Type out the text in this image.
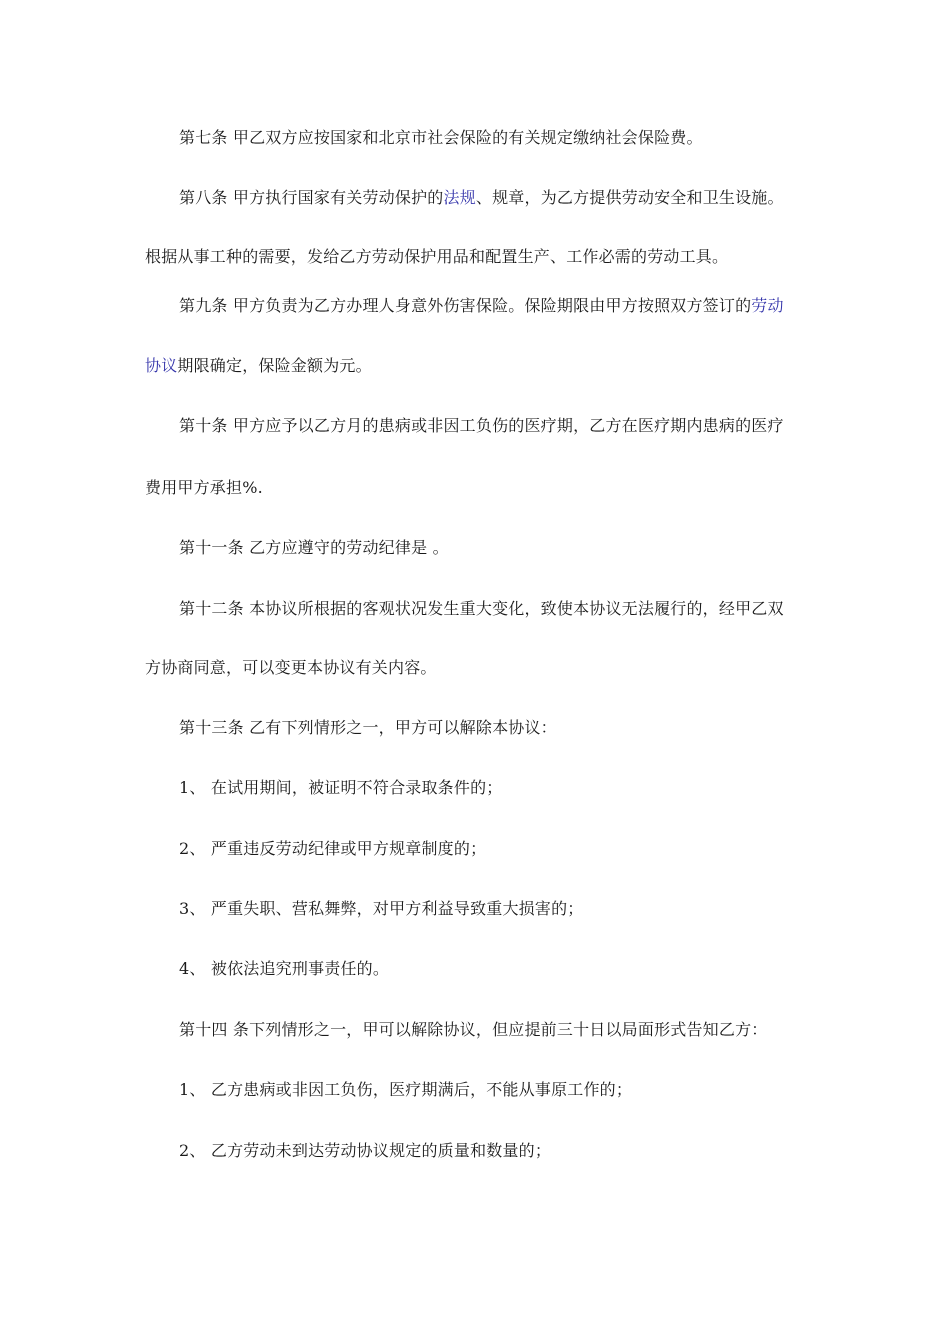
第七条 甲乙双方应按国家和北京市社会保险的有关规定缴纳社会保险费。
第八条 甲方执行国家有关劳动保护的法规、规章，为乙方提供劳动安全和卫生设施。
根据从事工种的需要，发给乙方劳动保护用品和配置生产、工作必需的劳动工具。
第九条 甲方负责为乙方办理人身意外伤害保险。保险期限由甲方按照双方签订的劳动
协议期限确定，保险金额为元。
第十条 甲方应予以乙方月的患病或非因工负伤的医疗期，乙方在医疗期内患病的医疗
费用甲方承担%.
第十一条 乙方应遵守的劳动纪律是 。
第十二条 本协议所根据的客观状况发生重大变化，致使本协议无法履行的，经甲乙双
方协商同意，可以变更本协议有关内容。
第十三条 乙有下列情形之一，甲方可以解除本协议：
1、 在试用期间，被证明不符合录取条件的；
2、 严重违反劳动纪律或甲方规章制度的；
3、 严重失职、营私舞弊，对甲方利益导致重大损害的；
4、 被依法追究刑事责任的。
第十四 条下列情形之一，甲可以解除协议，但应提前三十日以局面形式告知乙方：
1、 乙方患病或非因工负伤，医疗期满后，不能从事原工作的；
2、 乙方劳动未到达劳动协议规定的质量和数量的；
